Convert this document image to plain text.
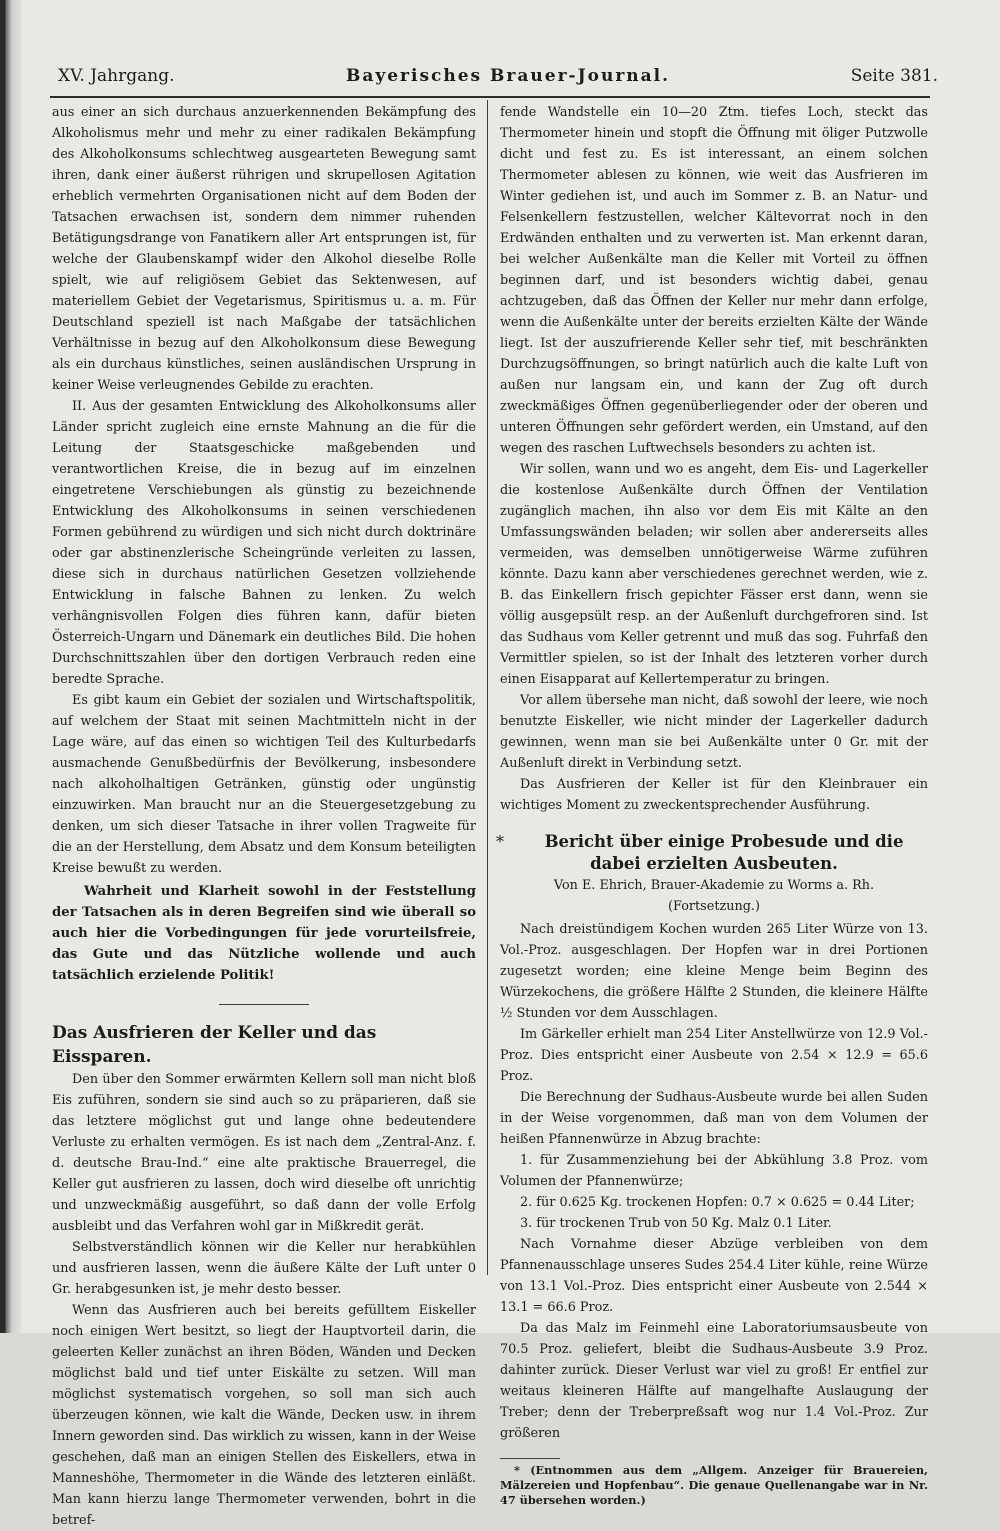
XV. Jahrgang.	Bayerisches Brauer-Journal.	Seite 381.

aus einer an sich durchaus anzuerkennenden Bekämpfung des Alkoholismus mehr und mehr zu einer radikalen Bekämpfung des Alkoholkonsums schlechtweg ausgearteten Bewegung samt ihren, dank einer äußerst rührigen und skrupellosen Agitation erheblich vermehrten Organisationen nicht auf dem Boden der Tatsachen erwachsen ist, sondern dem nimmer ruhenden Betätigungsdrange von Fanatikern aller Art entsprungen ist, für welche der Glaubenskampf wider den Alkohol dieselbe Rolle spielt, wie auf religiösem Gebiet das Sektenwesen, auf materiellem Gebiet der Vegetarismus, Spiritismus u. a. m. Für Deutschland speziell ist nach Maßgabe der tatsächlichen Verhältnisse in bezug auf den Alkoholkonsum diese Bewegung als ein durchaus künstliches, seinen ausländischen Ursprung in keiner Weise verleugnendes Gebilde zu erachten.

II. Aus der gesamten Entwicklung des Alkoholkonsums aller Länder spricht zugleich eine ernste Mahnung an die für die Leitung der Staatsgeschicke maßgebenden und verantwortlichen Kreise, die in bezug auf im einzelnen eingetretene Verschiebungen als günstig zu bezeichnende Entwicklung des Alkoholkonsums in seinen verschiedenen Formen gebührend zu würdigen und sich nicht durch doktrinäre oder gar abstinenzlerische Scheingründe verleiten zu lassen, diese sich in durchaus natürlichen Gesetzen vollziehende Entwicklung in falsche Bahnen zu lenken. Zu welch verhängnisvollen Folgen dies führen kann, dafür bieten Österreich-Ungarn und Dänemark ein deutliches Bild. Die hohen Durchschnittszahlen über den dortigen Verbrauch reden eine beredte Sprache.

Es gibt kaum ein Gebiet der sozialen und Wirtschaftspolitik, auf welchem der Staat mit seinen Machtmitteln nicht in der Lage wäre, auf das einen so wichtigen Teil des Kulturbedarfs ausmachende Genußbedürfnis der Bevölkerung, insbesondere nach alkoholhaltigen Getränken, günstig oder ungünstig einzuwirken. Man braucht nur an die Steuergesetzgebung zu denken, um sich dieser Tatsache in ihrer vollen Tragweite für die an der Herstellung, dem Absatz und dem Konsum beteiligten Kreise bewußt zu werden.

Wahrheit und Klarheit sowohl in der Feststellung der Tatsachen als in deren Begreifen sind wie überall so auch hier die Vorbedingungen für jede vorurteilsfreie, das Gute und das Nützliche wollende und auch tatsächlich erzielende Politik!

Das Ausfrieren der Keller und das Eissparen.

Den über den Sommer erwärmten Kellern soll man nicht bloß Eis zuführen, sondern sie sind auch so zu präparieren, daß sie das letztere möglichst gut und lange ohne bedeutendere Verluste zu erhalten vermögen. Es ist nach dem „Zentral-Anz. f. d. deutsche Brau-Ind.“ eine alte praktische Brauerregel, die Keller gut ausfrieren zu lassen, doch wird dieselbe oft unrichtig und unzweckmäßig ausgeführt, so daß dann der volle Erfolg ausbleibt und das Verfahren wohl gar in Mißkredit gerät.

Selbstverständlich können wir die Keller nur herabkühlen und ausfrieren lassen, wenn die äußere Kälte der Luft unter 0 Gr. herabgesunken ist, je mehr desto besser.

Wenn das Ausfrieren auch bei bereits gefülltem Eiskeller noch einigen Wert besitzt, so liegt der Hauptvorteil darin, die geleerten Keller zunächst an ihren Böden, Wänden und Decken möglichst bald und tief unter Eiskälte zu setzen. Will man möglichst systematisch vorgehen, so soll man sich auch überzeugen können, wie kalt die Wände, Decken usw. in ihrem Innern geworden sind. Das wirklich zu wissen, kann in der Weise geschehen, daß man an einigen Stellen des Eiskellers, etwa in Manneshöhe, Thermometer in die Wände des letzteren einläßt. Man kann hierzu lange Thermometer verwenden, bohrt in die betref-

fende Wandstelle ein 10—20 Ztm. tiefes Loch, steckt das Thermometer hinein und stopft die Öffnung mit öliger Putzwolle dicht und fest zu. Es ist interessant, an einem solchen Thermometer ablesen zu können, wie weit das Ausfrieren im Winter gediehen ist, und auch im Sommer z. B. an Natur- und Felsenkellern festzustellen, welcher Kältevorrat noch in den Erdwänden enthalten und zu verwerten ist. Man erkennt daran, bei welcher Außenkälte man die Keller mit Vorteil zu öffnen beginnen darf, und ist besonders wichtig dabei, genau achtzugeben, daß das Öffnen der Keller nur mehr dann erfolge, wenn die Außenkälte unter der bereits erzielten Kälte der Wände liegt. Ist der auszufrierende Keller sehr tief, mit beschränkten Durchzugsöffnungen, so bringt natürlich auch die kalte Luft von außen nur langsam ein, und kann der Zug oft durch zweckmäßiges Öffnen gegenüberliegender oder der oberen und unteren Öffnungen sehr gefördert werden, ein Umstand, auf den wegen des raschen Luftwechsels besonders zu achten ist.

Wir sollen, wann und wo es angeht, dem Eis- und Lagerkeller die kostenlose Außenkälte durch Öffnen der Ventilation zugänglich machen, ihn also vor dem Eis mit Kälte an den Umfassungswänden beladen; wir sollen aber andererseits alles vermeiden, was demselben unnötigerweise Wärme zuführen könnte. Dazu kann aber verschiedenes gerechnet werden, wie z. B. das Einkellern frisch gepichter Fässer erst dann, wenn sie völlig ausgepsült resp. an der Außenluft durchgefroren sind. Ist das Sudhaus vom Keller getrennt und muß das sog. Fuhrfaß den Vermittler spielen, so ist der Inhalt des letzteren vorher durch einen Eisapparat auf Kellertemperatur zu bringen.

Vor allem übersehe man nicht, daß sowohl der leere, wie noch benutzte Eiskeller, wie nicht minder der Lagerkeller dadurch gewinnen, wenn man sie bei Außenkälte unter 0 Gr. mit der Außenluft direkt in Verbindung setzt.

Das Ausfrieren der Keller ist für den Kleinbrauer ein wichtiges Moment zu zweckentsprechender Ausführung.

*	Bericht über einige Probesude und die dabei erzielten Ausbeuten.

Von E. Ehrich, Brauer-Akademie zu Worms a. Rh.

(Fortsetzung.)

Nach dreistündigem Kochen wurden 265 Liter Würze von 13. Vol.-Proz. ausgeschlagen. Der Hopfen war in drei Portionen zugesetzt worden; eine kleine Menge beim Beginn des Würzekochens, die größere Hälfte 2 Stunden, die kleinere Hälfte ½ Stunden vor dem Ausschlagen.

Im Gärkeller erhielt man 254 Liter Anstellwürze von 12.9 Vol.-Proz. Dies entspricht einer Ausbeute von 2.54 × 12.9 = 65.6 Proz.

Die Berechnung der Sudhaus-Ausbeute wurde bei allen Suden in der Weise vorgenommen, daß man von dem Volumen der heißen Pfannenwürze in Abzug brachte:

1. für Zusammenziehung bei der Abkühlung 3.8 Proz. vom Volumen der Pfannenwürze;

2. für 0.625 Kg. trockenen Hopfen: 0.7 × 0.625 = 0.44 Liter;

3. für trockenen Trub von 50 Kg. Malz 0.1 Liter.

Nach Vornahme dieser Abzüge verbleiben von dem Pfannenausschlage unseres Sudes 254.4 Liter kühle, reine Würze von 13.1 Vol.-Proz. Dies entspricht einer Ausbeute von 2.544 × 13.1 = 66.6 Proz.

Da das Malz im Feinmehl eine Laboratoriumsausbeute von 70.5 Proz. geliefert, bleibt die Sudhaus-Ausbeute 3.9 Proz. dahinter zurück. Dieser Verlust war viel zu groß! Er entfiel zur weitaus kleineren Hälfte auf mangelhafte Auslaugung der Treber; denn der Treberpreßsaft wog nur 1.4 Vol.-Proz. Zur größeren

* (Entnommen aus dem „Allgem. Anzeiger für Brauereien, Mälzereien und Hopfenbau“. Die genaue Quellenangabe war in Nr. 47 übersehen worden.)
